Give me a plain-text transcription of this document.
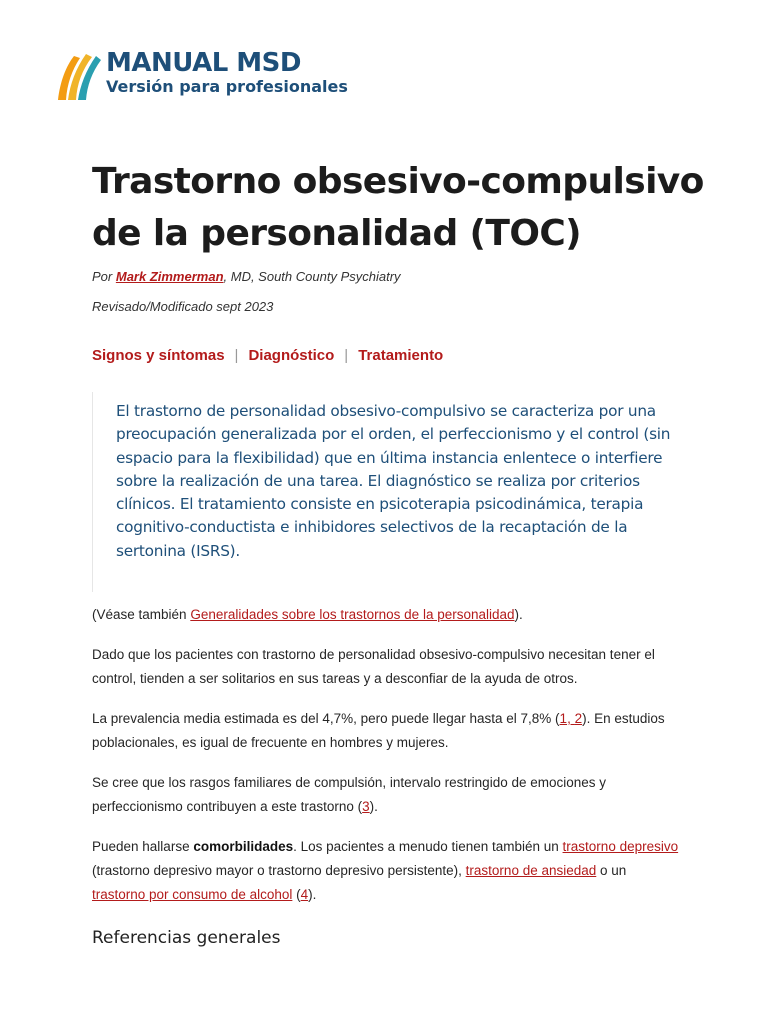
MANUAL MSD
Versión para profesionales
Trastorno obsesivo-compulsivo de la personalidad (TOC)
Por Mark Zimmerman, MD, South County Psychiatry
Revisado/Modificado sept 2023
Signos y síntomas | Diagnóstico | Tratamiento

El trastorno de personalidad obsesivo-compulsivo se caracteriza por una preocupación generalizada por el orden, el perfeccionismo y el control (sin espacio para la flexibilidad) que en última instancia enlentece o interfiere sobre la realización de una tarea. El diagnóstico se realiza por criterios clínicos. El tratamiento consiste en psicoterapia psicodinámica, terapia cognitivo-conductista e inhibidores selectivos de la recaptación de la sertonina (ISRS).

(Véase también Generalidades sobre los trastornos de la personalidad).

Dado que los pacientes con trastorno de personalidad obsesivo-compulsivo necesitan tener el control, tienden a ser solitarios en sus tareas y a desconfiar de la ayuda de otros.

La prevalencia media estimada es del 4,7%, pero puede llegar hasta el 7,8% (1, 2). En estudios poblacionales, es igual de frecuente en hombres y mujeres.

Se cree que los rasgos familiares de compulsión, intervalo restringido de emociones y perfeccionismo contribuyen a este trastorno (3).

Pueden hallarse comorbilidades. Los pacientes a menudo tienen también un trastorno depresivo (trastorno depresivo mayor o trastorno depresivo persistente), trastorno de ansiedad o un trastorno por consumo de alcohol (4).

Referencias generales
